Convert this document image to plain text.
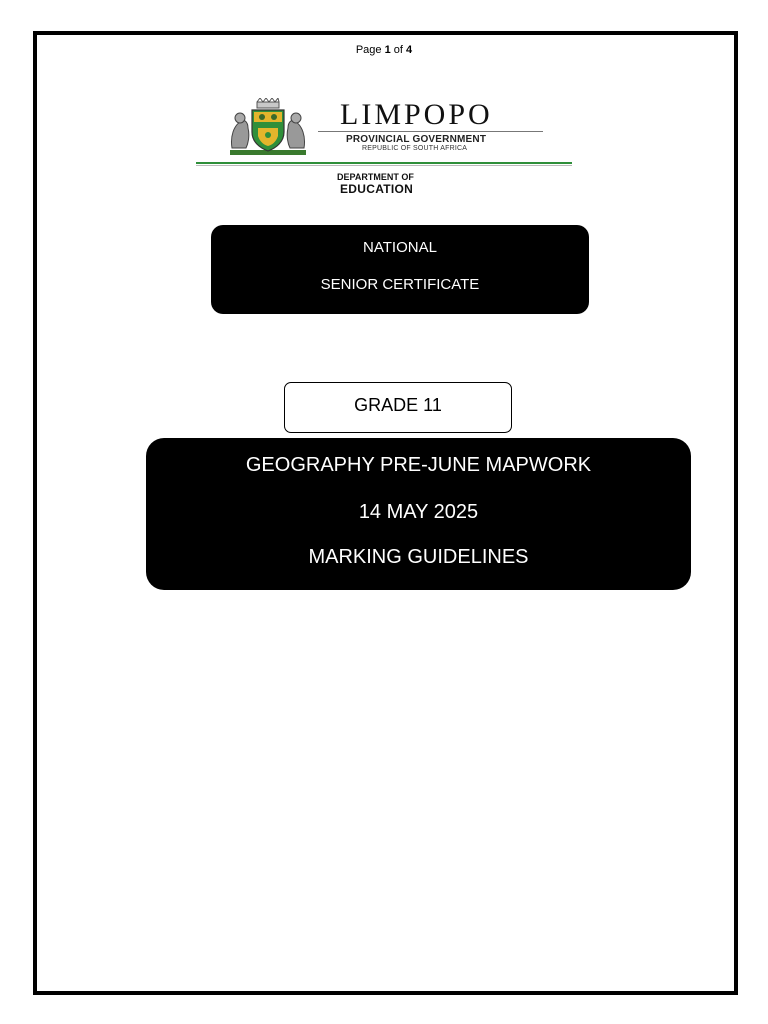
Page 1 of 4
LIMPOPO
PROVINCIAL GOVERNMENT
REPUBLIC OF SOUTH AFRICA
DEPARTMENT OF
EDUCATION
NATIONAL
SENIOR CERTIFICATE
GRADE 11
GEOGRAPHY PRE-JUNE MAPWORK
14 MAY 2025
MARKING GUIDELINES
